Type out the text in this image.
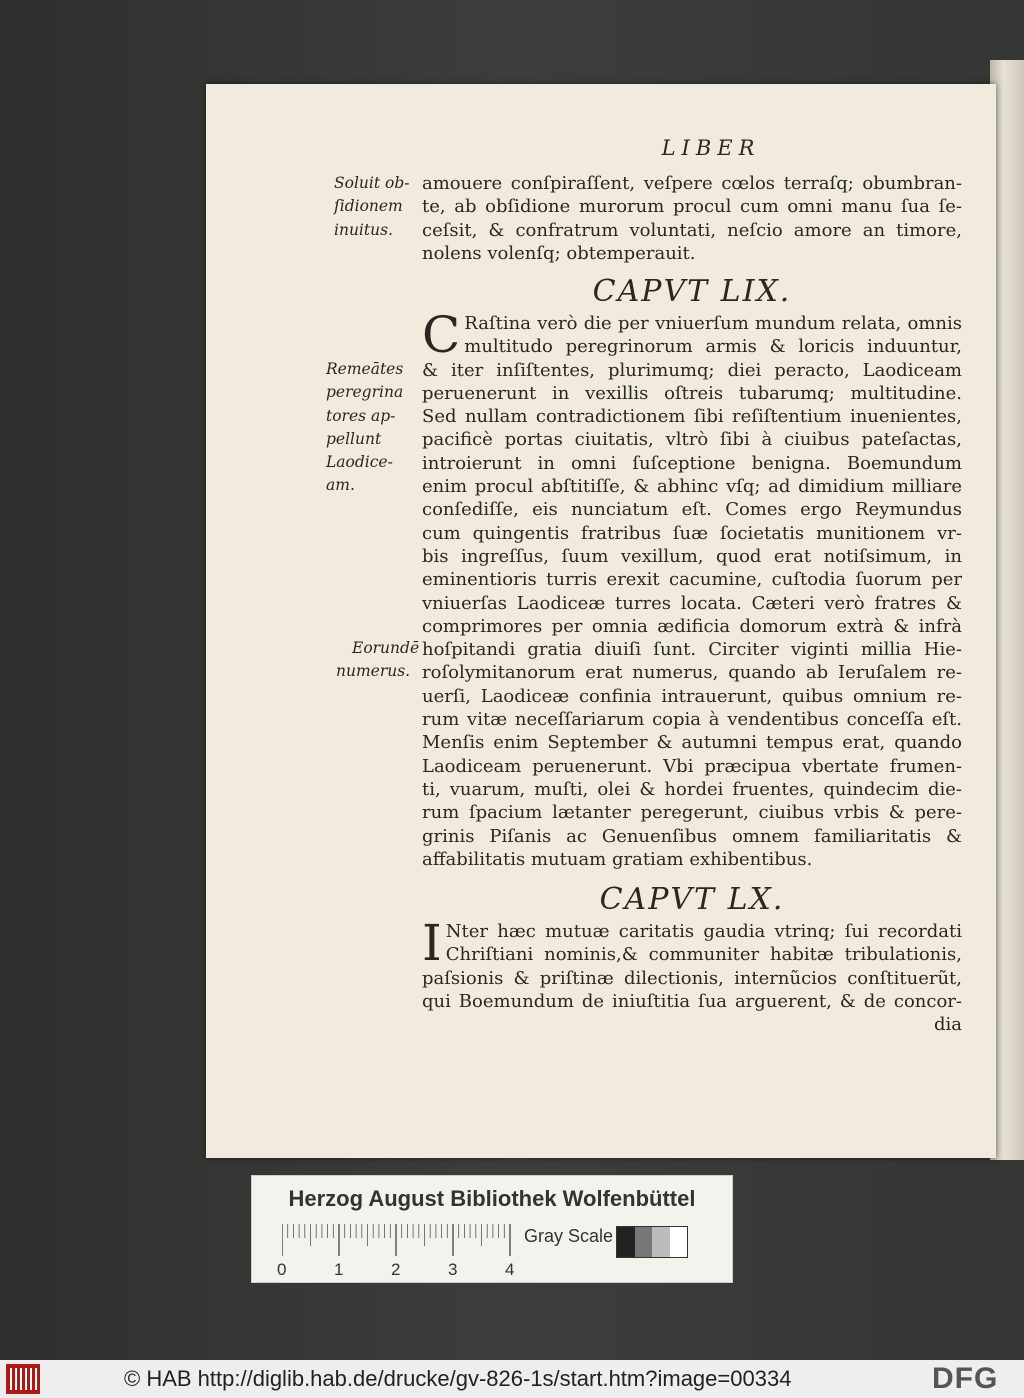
LIBER
Soluit ob-
ſidionem
inuitus.
amouere conſpiraſſent, veſpere cœlos terraſq; obumbran-
te, ab obſidione murorum procul cum omni manu ſua ſe-
ceſsit, & confratrum voluntati, neſcio amore an timore,
nolens volenſq; obtemperauit.
CAPVT LIX.
Remeātes
peregrina
tores ap-
pellunt
Laodice-
am.
Eorundē
numerus.
C Raſtina verò die per vniuerſum mundum relata, omnis
multitudo peregrinorum armis & loricis induuntur,
& iter inſiſtentes, plurimumq; diei peracto, Laodiceam
peruenerunt in vexillis oſtreis tubarumq; multitudine.
Sed nullam contradictionem ſibi reſiſtentium inuenientes,
pacificè portas ciuitatis, vltrò ſibi à ciuibus pateſactas,
introierunt in omni ſuſceptione benigna. Boemundum
enim procul abſtitiſſe, & abhinc vſq; ad dimidium milliare
conſediſſe, eis nunciatum eſt. Comes ergo Reymundus
cum quingentis fratribus ſuæ ſocietatis munitionem vr-
bis ingreſſus, ſuum vexillum, quod erat notiſsimum, in
eminentioris turris erexit cacumine, cuſtodia ſuorum per
vniuerſas Laodiceæ turres locata. Cæteri verò fratres &
comprimores per omnia ædificia domorum extrà & infrà
hoſpitandi gratia diuiſi ſunt. Circiter viginti millia Hie-
roſolymitanorum erat numerus, quando ab Ieruſalem re-
uerſi, Laodiceæ confinia intrauerunt, quibus omnium re-
rum vitæ neceſſariarum copia à vendentibus conceſſa eſt.
Menſis enim September & autumni tempus erat, quando
Laodiceam peruenerunt. Vbi præcipua vbertate frumen-
ti, vuarum, muſti, olei & hordei fruentes, quindecim die-
rum ſpacium lætanter peregerunt, ciuibus vrbis & pere-
grinis Piſanis ac Genuenſibus omnem familiaritatis &
affabilitatis mutuam gratiam exhibentibus.
CAPVT LX.
I Nter hæc mutuæ caritatis gaudia vtrinq; ſui recordati
Chriſtiani nominis,& communiter habitæ tribulationis,
paſsionis & priſtinæ dilectionis, internũcios conſtituerũt,
qui Boemundum de iniuſtitia ſua arguerent, & de concor-
dia
Herzog August Bibliothek Wolfenbüttel
Gray Scale
0	1	2	3	4
© HAB http://diglib.hab.de/drucke/gv-826-1s/start.htm?image=00334	DFG
